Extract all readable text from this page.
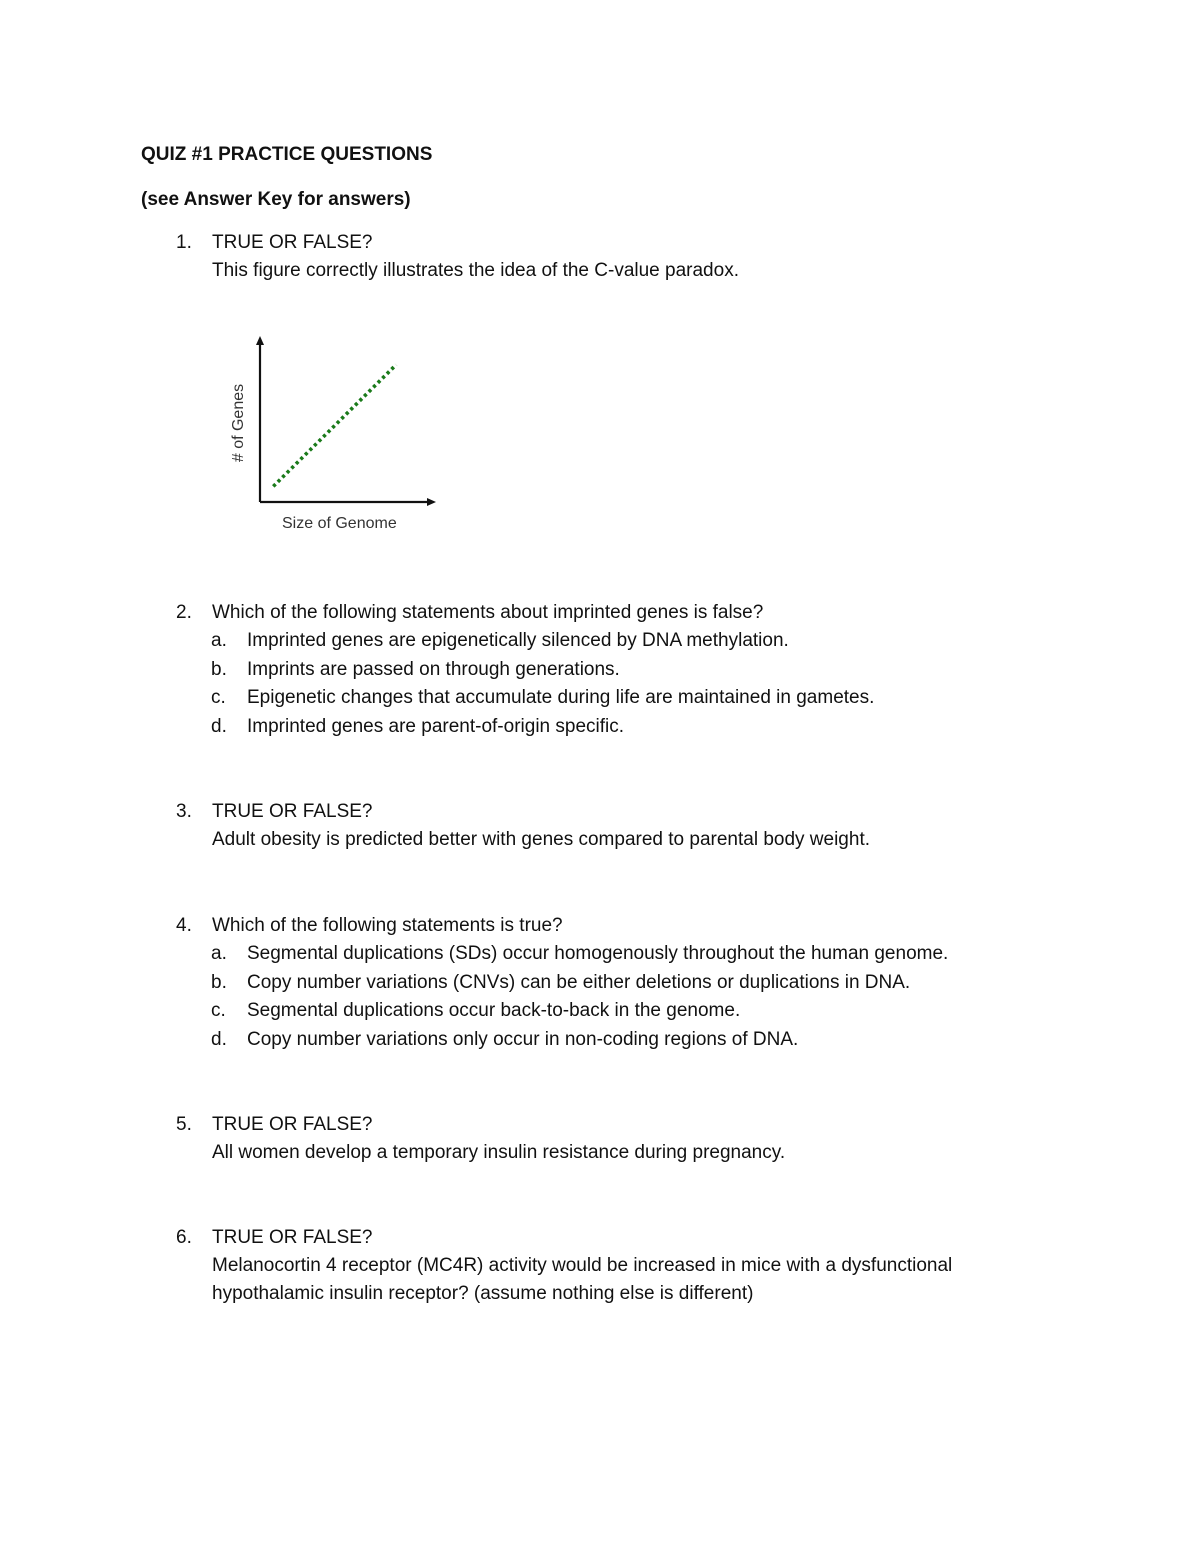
QUIZ #1 PRACTICE QUESTIONS
(see Answer Key for answers)
1.	TRUE OR FALSE?
This figure correctly illustrates the idea of the C-value paradox.
Size of Genome
# of Genes
2.	Which of the following statements about imprinted genes is false?
a. Imprinted genes are epigenetically silenced by DNA methylation.
b. Imprints are passed on through generations.
c. Epigenetic changes that accumulate during life are maintained in gametes.
d. Imprinted genes are parent-of-origin specific.
3.	TRUE OR FALSE?
Adult obesity is predicted better with genes compared to parental body weight.
4.	Which of the following statements is true?
a. Segmental duplications (SDs) occur homogenously throughout the human genome.
b. Copy number variations (CNVs) can be either deletions or duplications in DNA.
c. Segmental duplications occur back-to-back in the genome.
d. Copy number variations only occur in non-coding regions of DNA.
5.	TRUE OR FALSE?
All women develop a temporary insulin resistance during pregnancy.
6.	TRUE OR FALSE?
Melanocortin 4 receptor (MC4R) activity would be increased in mice with a dysfunctional
hypothalamic insulin receptor? (assume nothing else is different)
